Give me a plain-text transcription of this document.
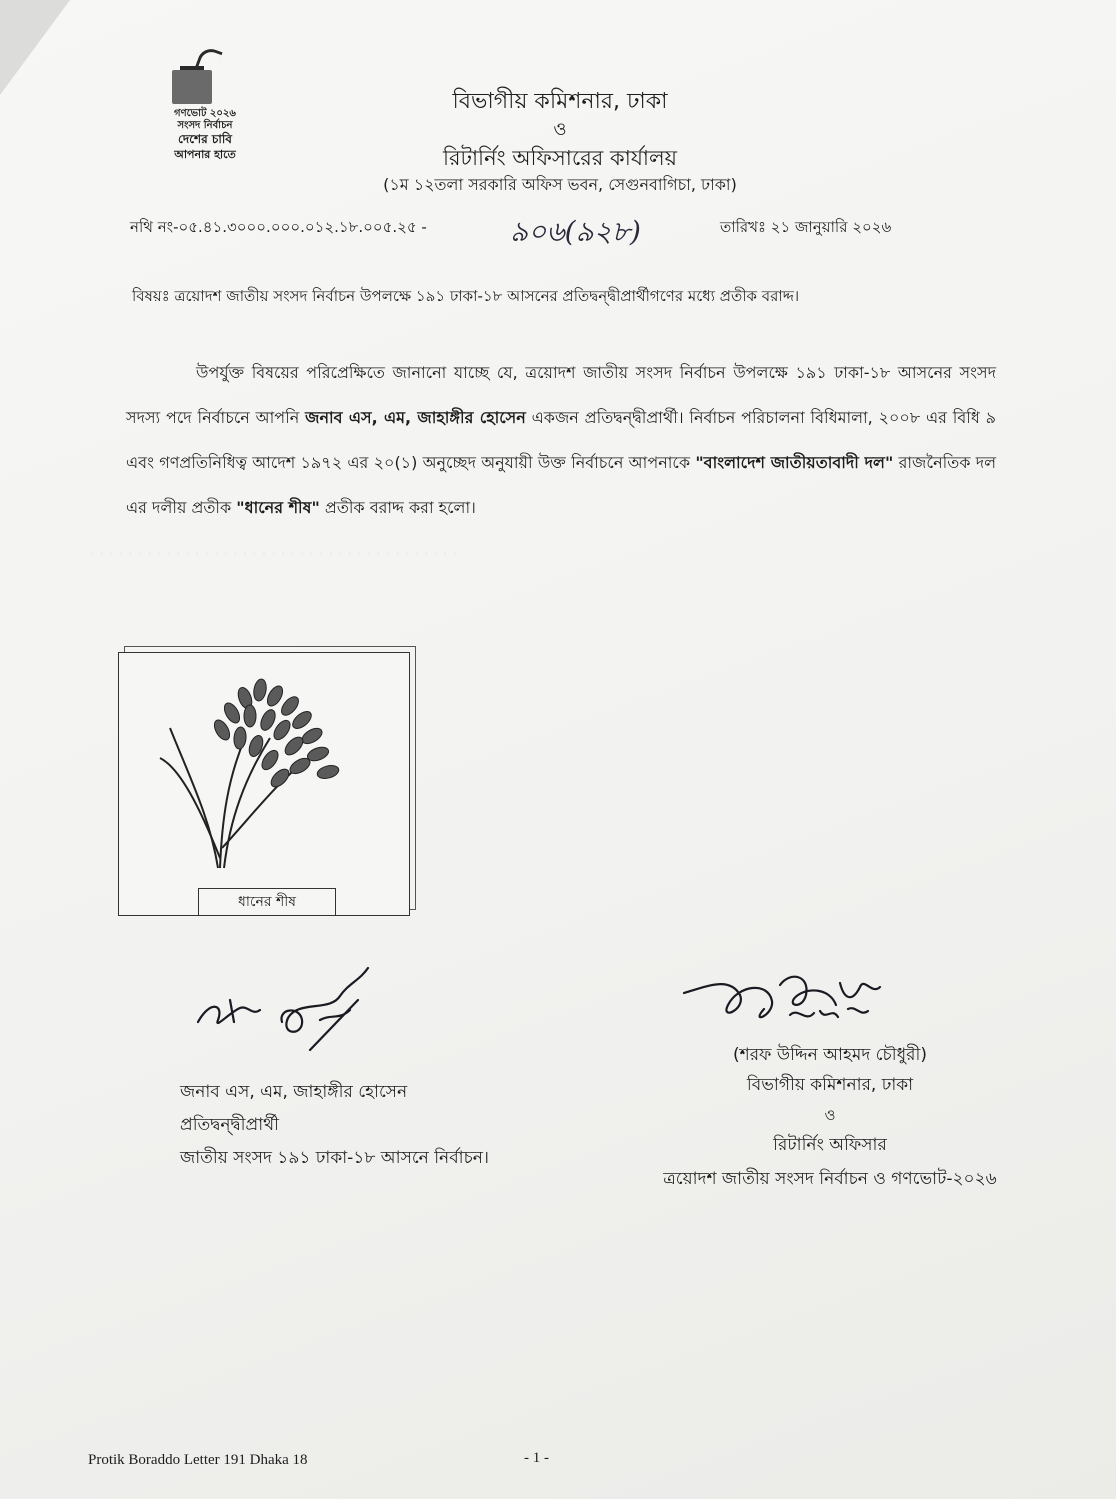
· · · · · · · · · · · · · · · · · · · · · · · · · · · · · · · · · · · · · · ·
গণভোট ২০২৬
সংসদ নির্বাচন
দেশের চাবি
আপনার হাতে
বিভাগীয় কমিশনার, ঢাকা
ও
রিটার্নিং অফিসারের কার্যালয়
(১ম ১২তলা সরকারি অফিস ভবন, সেগুনবাগিচা, ঢাকা)
নথি নং-০৫.৪১.৩০০০.০০০.০১২.১৮.০০৫.২৫ -	৯০৬(৯২৮)	তারিখঃ ২১ জানুয়ারি ২০২৬
বিষয়ঃ ত্রয়োদশ জাতীয় সংসদ নির্বাচন উপলক্ষে ১৯১ ঢাকা-১৮ আসনের প্রতিদ্বন্দ্বীপ্রার্থীগণের মধ্যে প্রতীক বরাদ্দ।
উপর্যুক্ত বিষয়ের পরিপ্রেক্ষিতে জানানো যাচ্ছে যে, ত্রয়োদশ জাতীয় সংসদ নির্বাচন উপলক্ষে ১৯১ ঢাকা-১৮ আসনের সংসদ সদস্য পদে নির্বাচনে আপনি জনাব এস, এম, জাহাঙ্গীর হোসেন একজন প্রতিদ্বন্দ্বীপ্রার্থী। নির্বাচন পরিচালনা বিধিমালা, ২০০৮ এর বিধি ৯ এবং গণপ্রতিনিধিত্ব আদেশ ১৯৭২ এর ২০(১) অনুচ্ছেদ অনুযায়ী উক্ত নির্বাচনে আপনাকে "বাংলাদেশ জাতীয়তাবাদী দল" রাজনৈতিক দল এর দলীয় প্রতীক "ধানের শীষ" প্রতীক বরাদ্দ করা হলো।
ধানের শীষ
জনাব এস, এম, জাহাঙ্গীর হোসেন
প্রতিদ্বন্দ্বীপ্রার্থী
জাতীয় সংসদ ১৯১ ঢাকা-১৮ আসনে নির্বাচন।
(শরফ উদ্দিন আহমদ চৌধুরী)
বিভাগীয় কমিশনার, ঢাকা
ও
রিটার্নিং অফিসার
ত্রয়োদশ জাতীয় সংসদ নির্বাচন ও গণভোট-২০২৬
Protik Boraddo Letter 191 Dhaka 18	- 1 -
